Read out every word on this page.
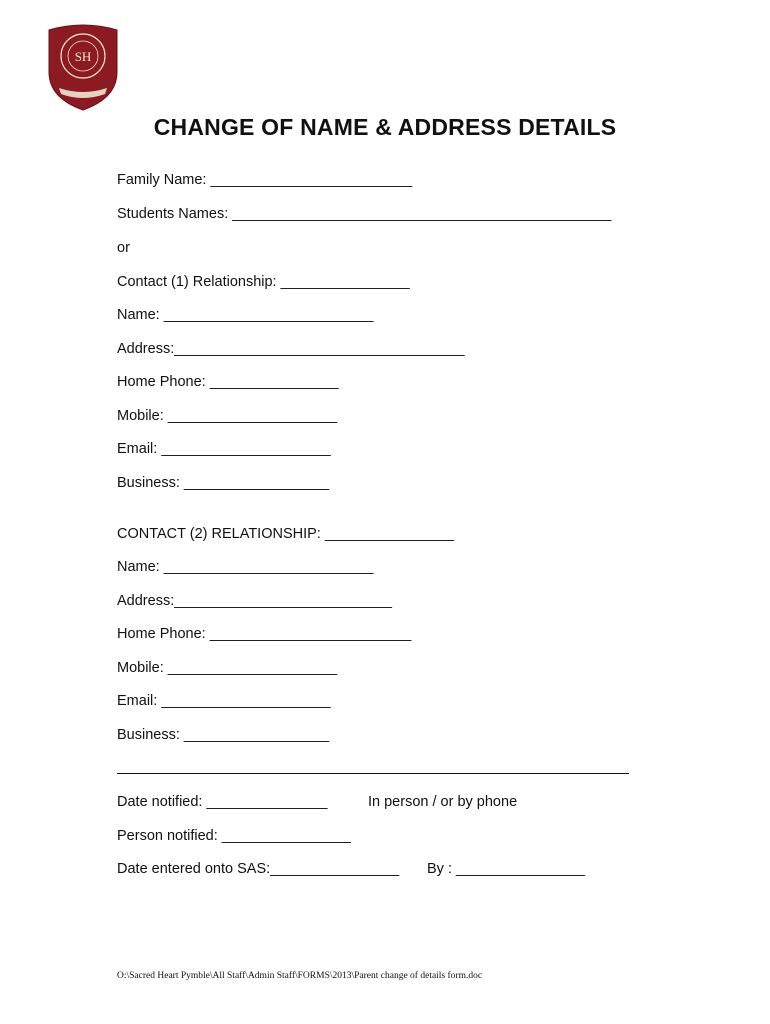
SH
CHANGE OF NAME & ADDRESS DETAILS
Family Name: _________________________
Students Names: _______________________________________________
or
Contact (1) Relationship: ________________
Name: __________________________
Address:____________________________________
Home Phone: ________________
Mobile: _____________________
Email: _____________________
Business: __________________
CONTACT (2) RELATIONSHIP: ________________
Name: __________________________
Address:___________________________
Home Phone: _________________________
Mobile: _____________________
Email: _____________________
Business: __________________
Date notified: _______________	In person / or by phone
Person notified: ________________
Date entered onto SAS:________________ By : ________________
O:\Sacred Heart Pymble\All Staff\Admin Staff\FORMS\2013\Parent change of details form.doc
